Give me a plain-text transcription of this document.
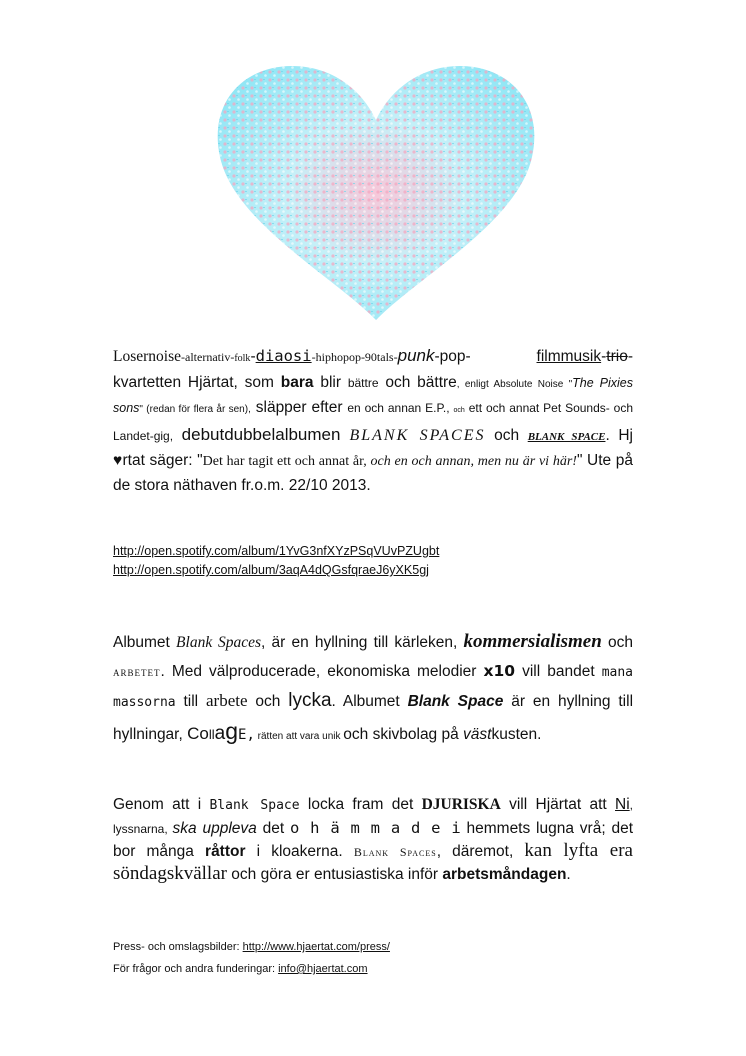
Losernoise-alternativ-folk-diaosi-hiphopop-90tals-punk-pop-	filmmusik-trio-kvartetten Hjärtat, som bara blir bättre och bättre, enligt Absolute Noise "The Pixies sons" (redan för flera år sen), släpper efter en och annan E.P., och ett och annat Pet Sounds- och Landet-gig, debutdubbelalbumen BLANK SPACES och BLANK SPACE. Hj ♥rtat säger: "Det har tagit ett och annat år, och en och annan, men nu är vi här!" Ute på de stora näthaven fr.o.m. 22/10 2013.
http://open.spotify.com/album/1YvG3nfXYzPSqVUvPZUgbt
http://open.spotify.com/album/3aqA4dQGsfqraeJ6yXK5gj
Albumet Blank Spaces, är en hyllning till kärleken, kommersialismen och arbetet. Med välproducerade, ekonomiska melodier x10 vill bandet mana massorna till arbete och lycka. Albumet Blank Space är en hyllning till hyllningar, CollagE, rätten att vara unik och skivbolag på västkusten.
Genom att i Blank Space locka fram det DJURISKA vill Hjärtat att Ni, lyssnarna, ska uppleva det o h ä m m a d e i hemmets lugna vrå; det bor många råttor i kloakerna. Blank Spaces, däremot, kan lyfta era söndagskvällar och göra er entusiastiska inför arbetsmåndagen.
Press- och omslagsbilder: http://www.hjaertat.com/press/
För frågor och andra funderingar: info@hjaertat.com
